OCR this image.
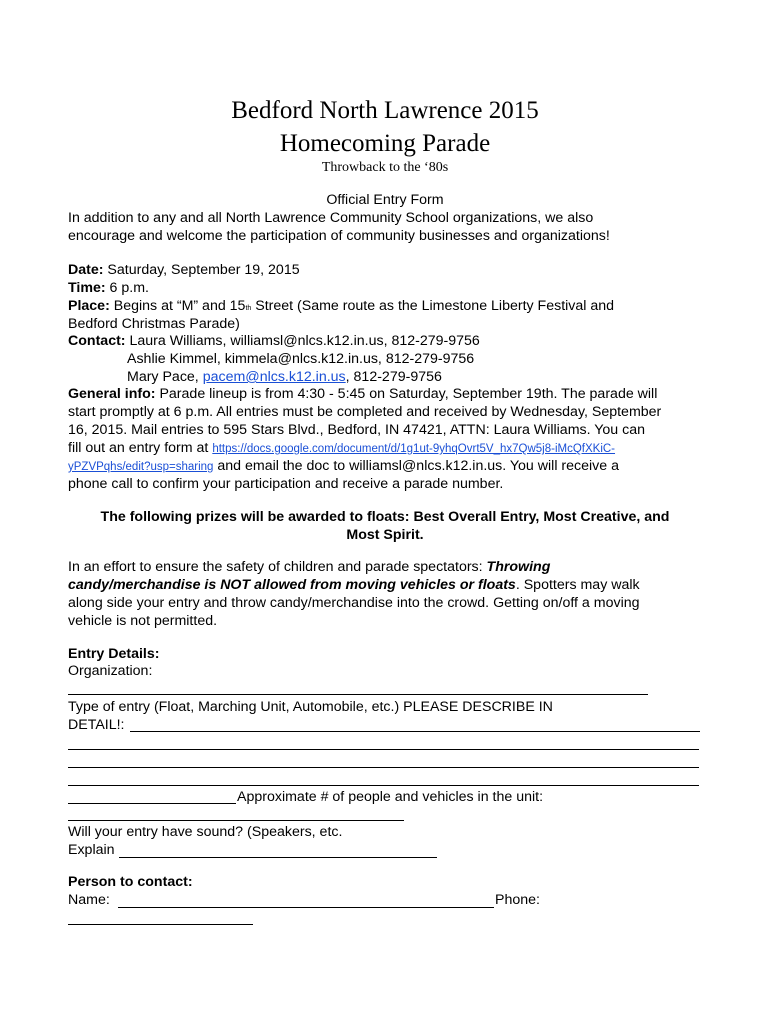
Bedford North Lawrence 2015
Homecoming Parade
Throwback to the ‘80s
Official Entry Form
In addition to any and all North Lawrence Community School organizations, we also
encourage and welcome the participation of community businesses and organizations!
Date: Saturday, September 19, 2015
Time: 6 p.m.
Place: Begins at “M” and 15th Street (Same route as the Limestone Liberty Festival and
Bedford Christmas Parade)
Contact: Laura Williams, williamsl@nlcs.k12.in.us, 812-279-9756
Ashlie Kimmel, kimmela@nlcs.k12.in.us, 812-279-9756
Mary Pace, pacem@nlcs.k12.in.us, 812-279-9756
General info: Parade lineup is from 4:30 - 5:45 on Saturday, September 19th. The parade will
start promptly at 6 p.m. All entries must be completed and received by Wednesday, September
16, 2015. Mail entries to 595 Stars Blvd., Bedford, IN 47421, ATTN: Laura Williams. You can
fill out an entry form at https://docs.google.com/document/d/1g1ut-9yhqOvrt5V_hx7Qw5j8-iMcQfXKiC-
yPZVPqhs/edit?usp=sharing and email the doc to williamsl@nlcs.k12.in.us. You will receive a
phone call to confirm your participation and receive a parade number.
The following prizes will be awarded to floats: Best Overall Entry, Most Creative, and
Most Spirit.
In an effort to ensure the safety of children and parade spectators: Throwing
candy/merchandise is NOT allowed from moving vehicles or floats. Spotters may walk
along side your entry and throw candy/merchandise into the crowd. Getting on/off a moving
vehicle is not permitted.
Entry Details:
Organization:
Type of entry (Float, Marching Unit, Automobile, etc.) PLEASE DESCRIBE IN
DETAIL!:
Approximate # of people and vehicles in the unit:
Will your entry have sound? (Speakers, etc.
Explain
Person to contact:
Name:	Phone:
